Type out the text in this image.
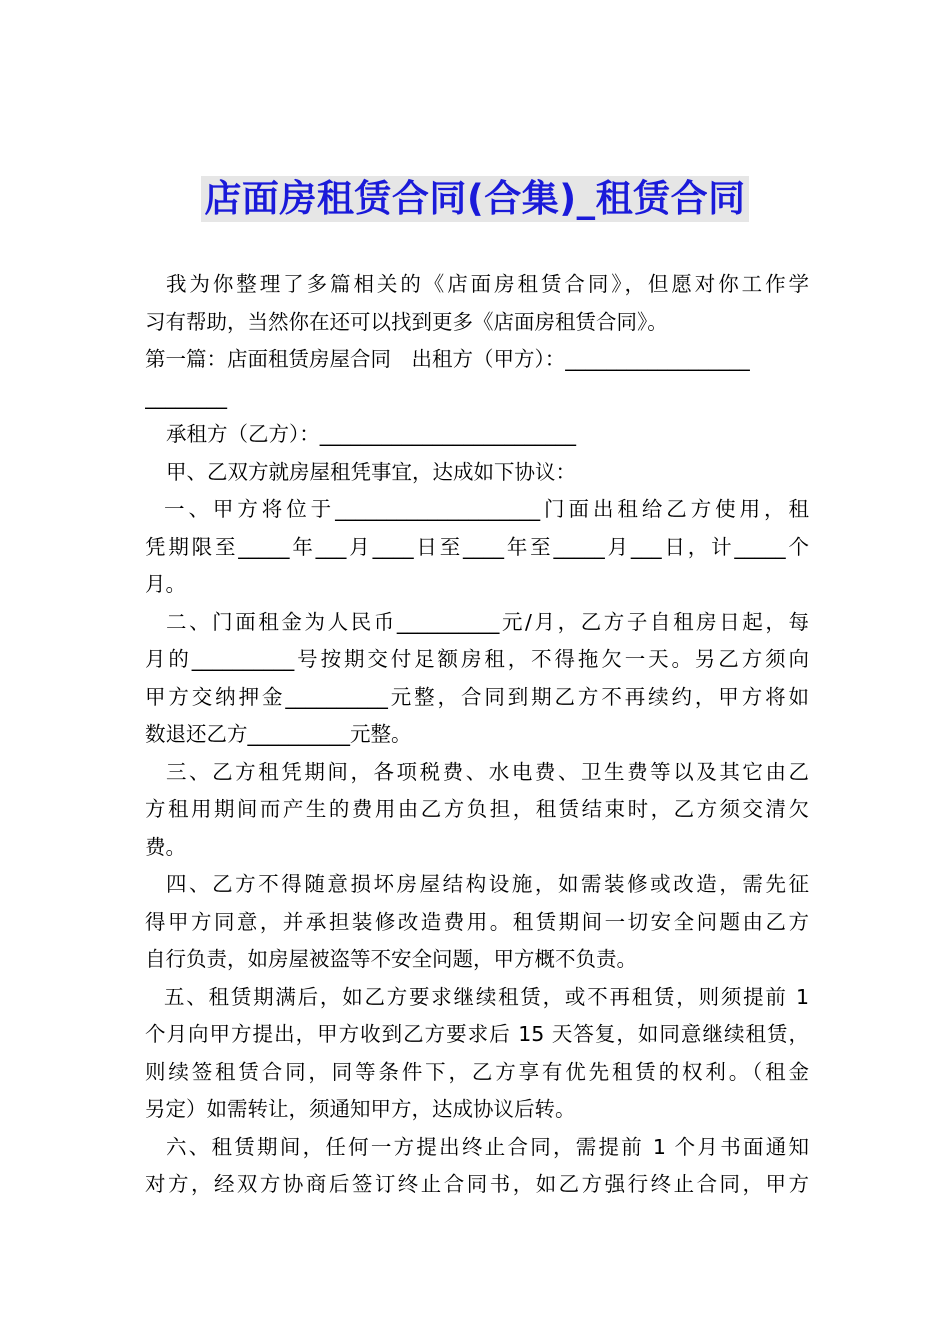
店面房租赁合同(合集)_租赁合同
我为你整理了多篇相关的《店面房租赁合同》，但愿对你工作学
习有帮助，当然你在还可以找到更多《店面房租赁合同》。
第一篇：店面租赁房屋合同　出租方（甲方）：__________________
________
承租方（乙方）：_________________________
甲、乙双方就房屋租凭事宜，达成如下协议：
一、甲方将位于____________________门面出租给乙方使用，租
凭期限至_____年___月____日至____年至_____月___日，计_____个
月。
二、门面租金为人民币__________元/月，乙方子自租房日起，每
月的__________号按期交付足额房租，不得拖欠一天。另乙方须向
甲方交纳押金__________元整，合同到期乙方不再续约，甲方将如
数退还乙方__________元整。
三、乙方租凭期间，各项税费、水电费、卫生费等以及其它由乙
方租用期间而产生的费用由乙方负担，租赁结束时，乙方须交清欠
费。
四、乙方不得随意损坏房屋结构设施，如需装修或改造，需先征
得甲方同意，并承担装修改造费用。租赁期间一切安全问题由乙方
自行负责，如房屋被盗等不安全问题，甲方概不负责。
五、租赁期满后，如乙方要求继续租赁，或不再租赁，则须提前 1
个月向甲方提出，甲方收到乙方要求后 15 天答复，如同意继续租赁，
则续签租赁合同，同等条件下，乙方享有优先租赁的权利。（租金
另定）如需转让，须通知甲方，达成协议后转。
六、租赁期间，任何一方提出终止合同，需提前 1 个月书面通知
对方，经双方协商后签订终止合同书，如乙方强行终止合同，甲方
